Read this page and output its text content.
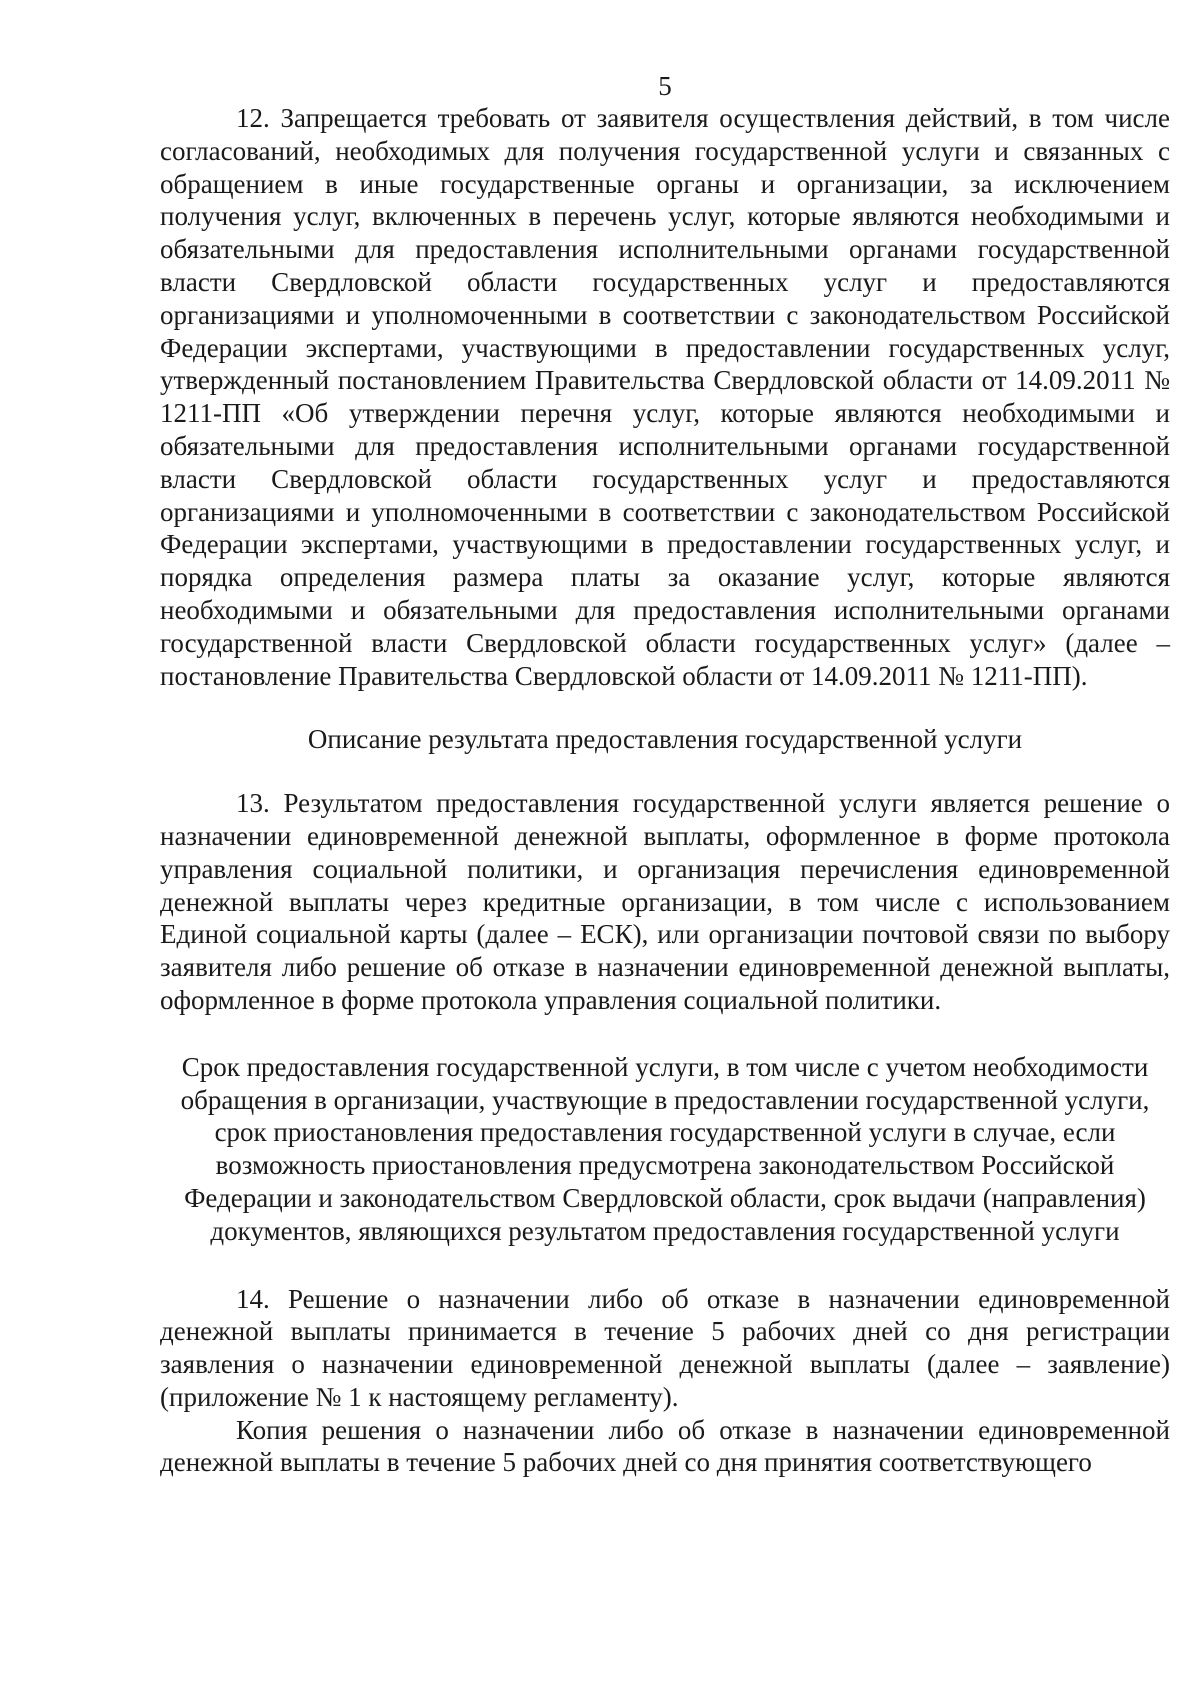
5

12. Запрещается требовать от заявителя осуществления действий, в том числе согласований, необходимых для получения государственной услуги и связанных с обращением в иные государственные органы и организации, за исключением получения услуг, включенных в перечень услуг, которые являются необходимыми и обязательными для предоставления исполнительными органами государственной власти Свердловской области государственных услуг и предоставляются организациями и уполномоченными в соответствии с законодательством Российской Федерации экспертами, участвующими в предоставлении государственных услуг, утвержденный постановлением Правительства Свердловской области от 14.09.2011 № 1211-ПП «Об утверждении перечня услуг, которые являются необходимыми и обязательными для предоставления исполнительными органами государственной власти Свердловской области государственных услуг и предоставляются организациями и уполномоченными в соответствии с законодательством Российской Федерации экспертами, участвующими в предоставлении государственных услуг, и порядка определения размера платы за оказание услуг, которые являются необходимыми и обязательными для предоставления исполнительными органами государственной власти Свердловской области государственных услуг» (далее – постановление Правительства Свердловской области от 14.09.2011 № 1211-ПП).

Описание результата предоставления государственной услуги

13. Результатом предоставления государственной услуги является решение о назначении единовременной денежной выплаты, оформленное в форме протокола управления социальной политики, и организация перечисления единовременной денежной выплаты через кредитные организации, в том числе с использованием Единой социальной карты (далее – ЕСК), или организации почтовой связи по выбору заявителя либо решение об отказе в назначении единовременной денежной выплаты, оформленное в форме протокола управления социальной политики.

Срок предоставления государственной услуги, в том числе с учетом необходимости обращения в организации, участвующие в предоставлении государственной услуги, срок приостановления предоставления государственной услуги в случае, если возможность приостановления предусмотрена законодательством Российской Федерации и законодательством Свердловской области, срок выдачи (направления) документов, являющихся результатом предоставления государственной услуги

14. Решение о назначении либо об отказе в назначении единовременной денежной выплаты принимается в течение 5 рабочих дней со дня регистрации заявления о назначении единовременной денежной выплаты (далее – заявление) (приложение № 1 к настоящему регламенту).

Копия решения о назначении либо об отказе в назначении единовременной денежной выплаты в течение 5 рабочих дней со дня принятия соответствующего
